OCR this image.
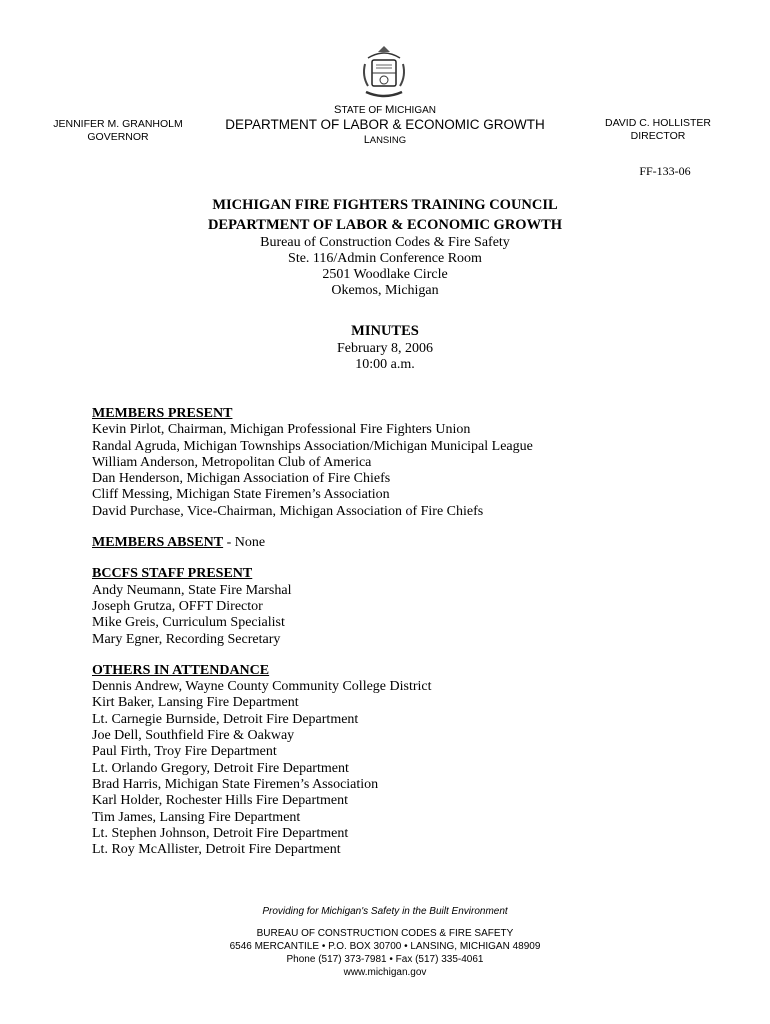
JENNIFER M. GRANHOLM
GOVERNOR
STATE OF MICHIGAN
DEPARTMENT OF LABOR & ECONOMIC GROWTH
LANSING
DAVID C. HOLLISTER
DIRECTOR
FF-133-06
MICHIGAN FIRE FIGHTERS TRAINING COUNCIL
DEPARTMENT OF LABOR & ECONOMIC GROWTH
Bureau of Construction Codes & Fire Safety
Ste. 116/Admin Conference Room
2501 Woodlake Circle
Okemos, Michigan
MINUTES
February 8, 2006
10:00 a.m.
MEMBERS PRESENT
Kevin Pirlot, Chairman, Michigan Professional Fire Fighters Union
Randal Agruda, Michigan Townships Association/Michigan Municipal League
William Anderson, Metropolitan Club of America
Dan Henderson, Michigan Association of Fire Chiefs
Cliff Messing, Michigan State Firemen’s Association
David Purchase, Vice-Chairman, Michigan Association of Fire Chiefs
MEMBERS ABSENT - None
BCCFS STAFF PRESENT
Andy Neumann, State Fire Marshal
Joseph Grutza, OFFT Director
Mike Greis, Curriculum Specialist
Mary Egner, Recording Secretary
OTHERS IN ATTENDANCE
Dennis Andrew, Wayne County Community College District
Kirt Baker, Lansing Fire Department
Lt. Carnegie Burnside, Detroit Fire Department
Joe Dell, Southfield Fire & Oakway
Paul Firth, Troy Fire Department
Lt. Orlando Gregory, Detroit Fire Department
Brad Harris, Michigan State Firemen’s Association
Karl Holder, Rochester Hills Fire Department
Tim James, Lansing Fire Department
Lt. Stephen Johnson, Detroit Fire Department
Lt. Roy McAllister, Detroit Fire Department
Providing for Michigan's Safety in the Built Environment
BUREAU OF CONSTRUCTION CODES & FIRE SAFETY
6546 MERCANTILE • P.O. BOX 30700 • LANSING, MICHIGAN 48909
Phone (517) 373-7981 • Fax (517) 335-4061
www.michigan.gov
